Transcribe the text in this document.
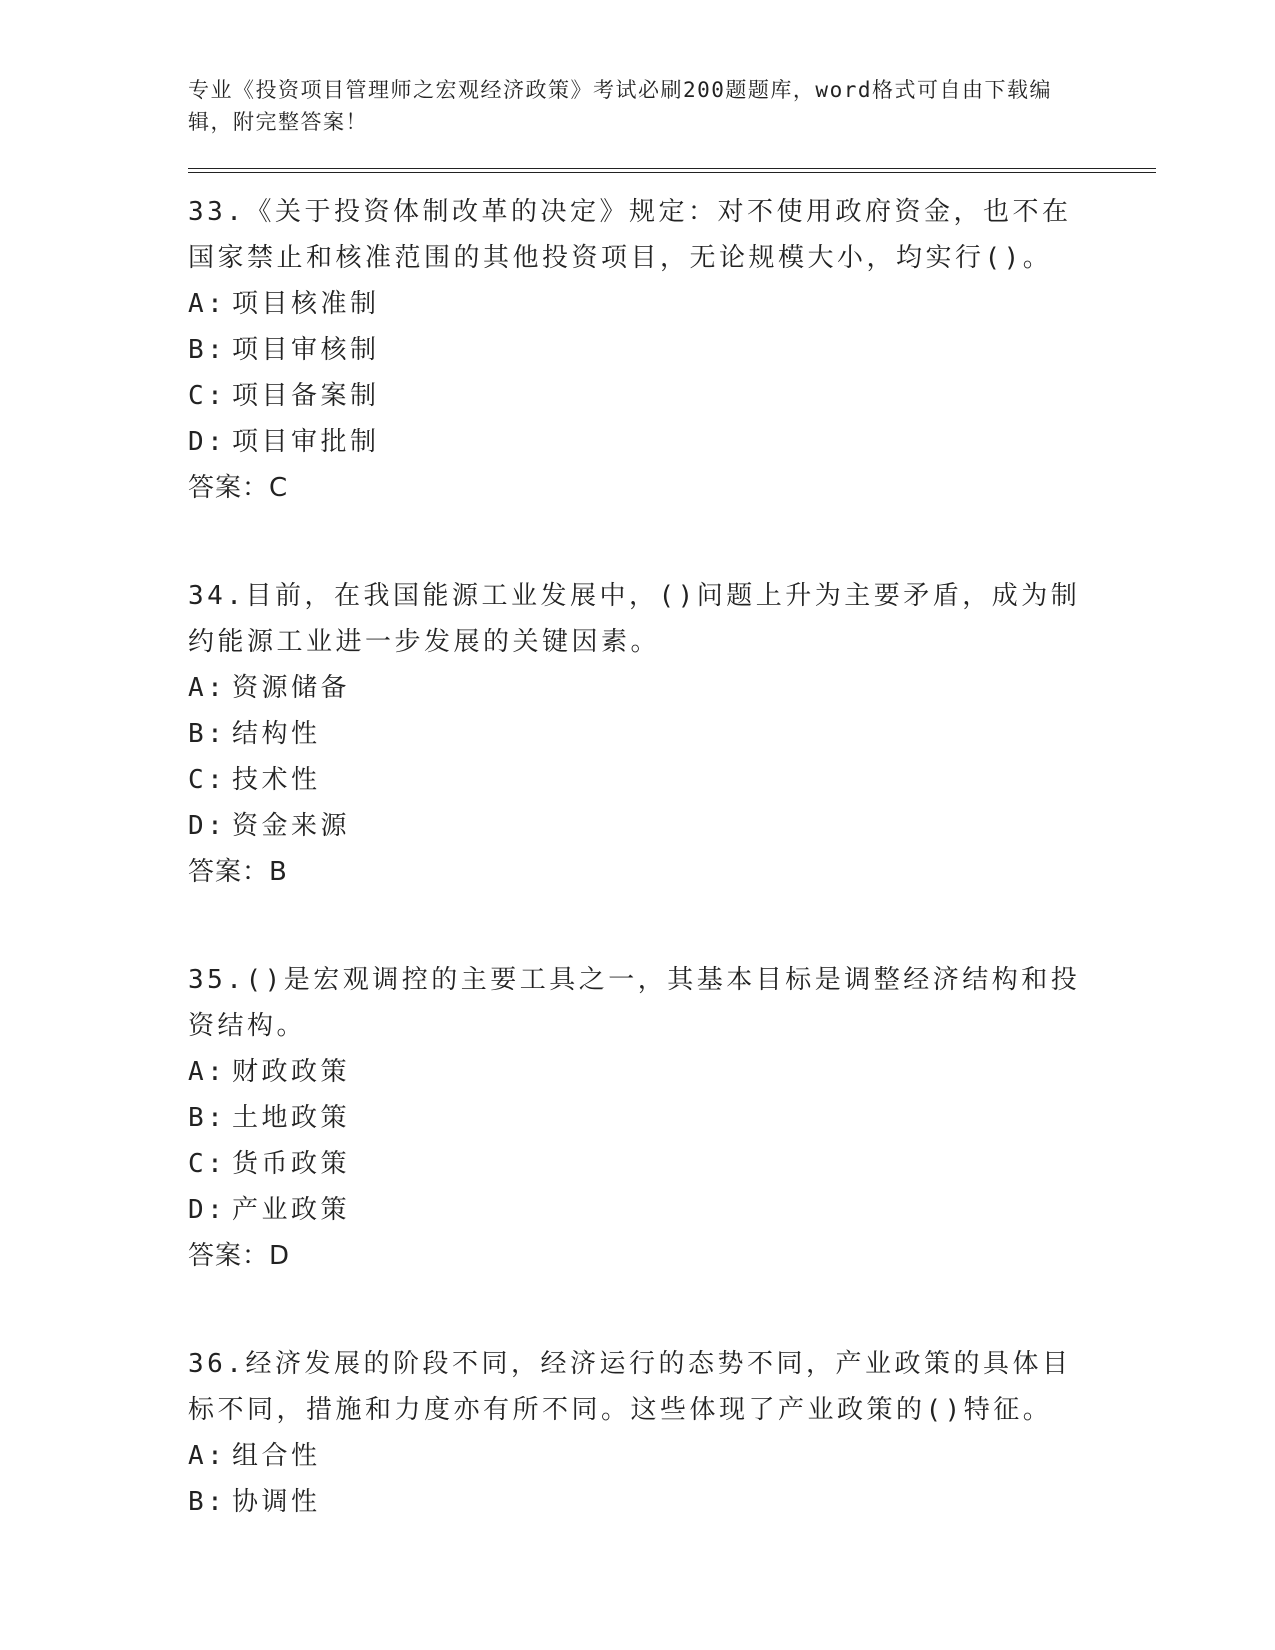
专业《投资项目管理师之宏观经济政策》考试必刷200题题库，word格式可自由下载编辑，附完整答案！
33.《关于投资体制改革的决定》规定：对不使用政府资金，也不在国家禁止和核准范围的其他投资项目，无论规模大小，均实行()。
A: 项目核准制
B: 项目审核制
C: 项目备案制
D: 项目审批制
答案：C
34.目前，在我国能源工业发展中，()问题上升为主要矛盾，成为制约能源工业进一步发展的关键因素。
A: 资源储备
B: 结构性
C: 技术性
D: 资金来源
答案：B
35.()是宏观调控的主要工具之一，其基本目标是调整经济结构和投资结构。
A: 财政政策
B: 土地政策
C: 货币政策
D: 产业政策
答案：D
36.经济发展的阶段不同，经济运行的态势不同，产业政策的具体目标不同，措施和力度亦有所不同。这些体现了产业政策的()特征。
A: 组合性
B: 协调性
